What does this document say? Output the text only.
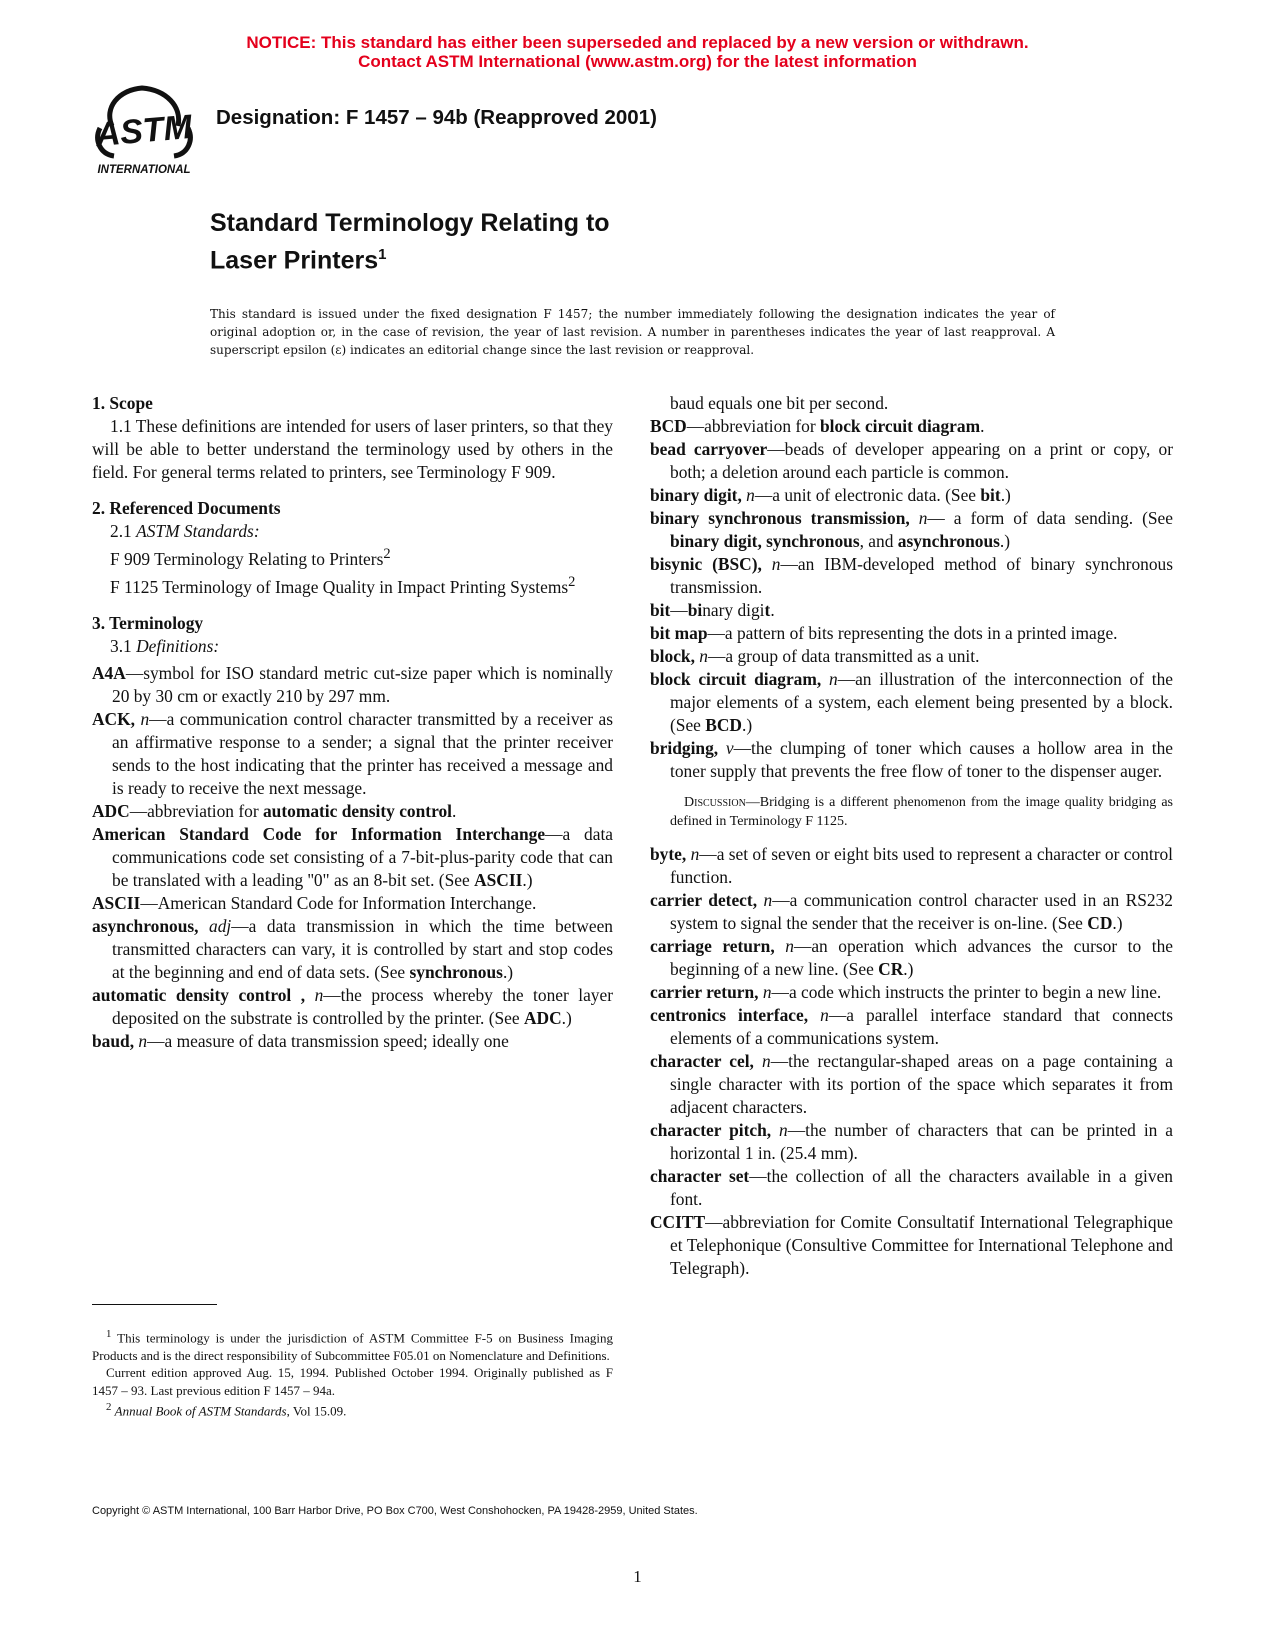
NOTICE: This standard has either been superseded and replaced by a new version or withdrawn.
Contact ASTM International (www.astm.org) for the latest information
ASTM
INTERNATIONAL
Designation: F 1457 – 94b (Reapproved 2001)
Standard Terminology Relating to
Laser Printers$^1$
This standard is issued under the fixed designation F 1457; the number immediately following the designation indicates the year of original adoption or, in the case of revision, the year of last revision. A number in parentheses indicates the year of last reapproval. A superscript epsilon (ε) indicates an editorial change since the last revision or reapproval.
1. Scope

1.1 These definitions are intended for users of laser printers, so that they will be able to better understand the terminology used by others in the field. For general terms related to printers, see Terminology F 909.

2. Referenced Documents
2.1 ASTM Standards:
F 909 Terminology Relating to Printers$^2$
F 1125 Terminology of Image Quality in Impact Printing Systems$^2$
3. Terminology
3.1 Definitions:

A4A—symbol for ISO standard metric cut-size paper which is nominally 20 by 30 cm or exactly 210 by 297 mm.

ACK, n—a communication control character transmitted by a receiver as an affirmative response to a sender; a signal that the printer receiver sends to the host indicating that the printer has received a message and is ready to receive the next message.

ADC—abbreviation for automatic density control.

American Standard Code for Information Interchange—a data communications code set consisting of a 7-bit-plus-parity code that can be translated with a leading ''0" as an 8-bit set. (See ASCII.)

ASCII—American Standard Code for Information Interchange.

asynchronous, adj—a data transmission in which the time between transmitted characters can vary, it is controlled by start and stop codes at the beginning and end of data sets. (See synchronous.)

automatic density control , n—the process whereby the toner layer deposited on the substrate is controlled by the printer. (See ADC.)

baud, n—a measure of data transmission speed; ideally one

$^1$ This terminology is under the jurisdiction of ASTM Committee F-5 on Business Imaging Products and is the direct responsibility of Subcommittee F05.01 on Nomenclature and Definitions.

Current edition approved Aug. 15, 1994. Published October 1994. Originally published as F 1457 – 93. Last previous edition F 1457 – 94a.

$^2$ Annual Book of ASTM Standards, Vol 15.09.

baud equals one bit per second.

BCD—abbreviation for block circuit diagram.

bead carryover—beads of developer appearing on a print or copy, or both; a deletion around each particle is common.

binary digit, n—a unit of electronic data. (See bit.)

binary synchronous transmission, n— a form of data sending. (See binary digit, synchronous, and asynchronous.)

bisynic (BSC), n—an IBM-developed method of binary synchronous transmission.

bit—binary digit.

bit map—a pattern of bits representing the dots in a printed image.

block, n—a group of data transmitted as a unit.

block circuit diagram, n—an illustration of the interconnection of the major elements of a system, each element being presented by a block. (See BCD.)

bridging, v—the clumping of toner which causes a hollow area in the toner supply that prevents the free flow of toner to the dispenser auger.

Discussion—Bridging is a different phenomenon from the image quality bridging as defined in Terminology F 1125.

byte, n—a set of seven or eight bits used to represent a character or control function.

carrier detect, n—a communication control character used in an RS232 system to signal the sender that the receiver is on-line. (See CD.)

carriage return, n—an operation which advances the cursor to the beginning of a new line. (See CR.)

carrier return, n—a code which instructs the printer to begin a new line.

centronics interface, n—a parallel interface standard that connects elements of a communications system.

character cel, n—the rectangular-shaped areas on a page containing a single character with its portion of the space which separates it from adjacent characters.

character pitch, n—the number of characters that can be printed in a horizontal 1 in. (25.4 mm).

character set—the collection of all the characters available in a given font.

CCITT—abbreviation for Comite Consultatif International Telegraphique et Telephonique (Consultive Committee for International Telephone and Telegraph).

Copyright © ASTM International, 100 Barr Harbor Drive, PO Box C700, West Conshohocken, PA 19428-2959, United States.
1
